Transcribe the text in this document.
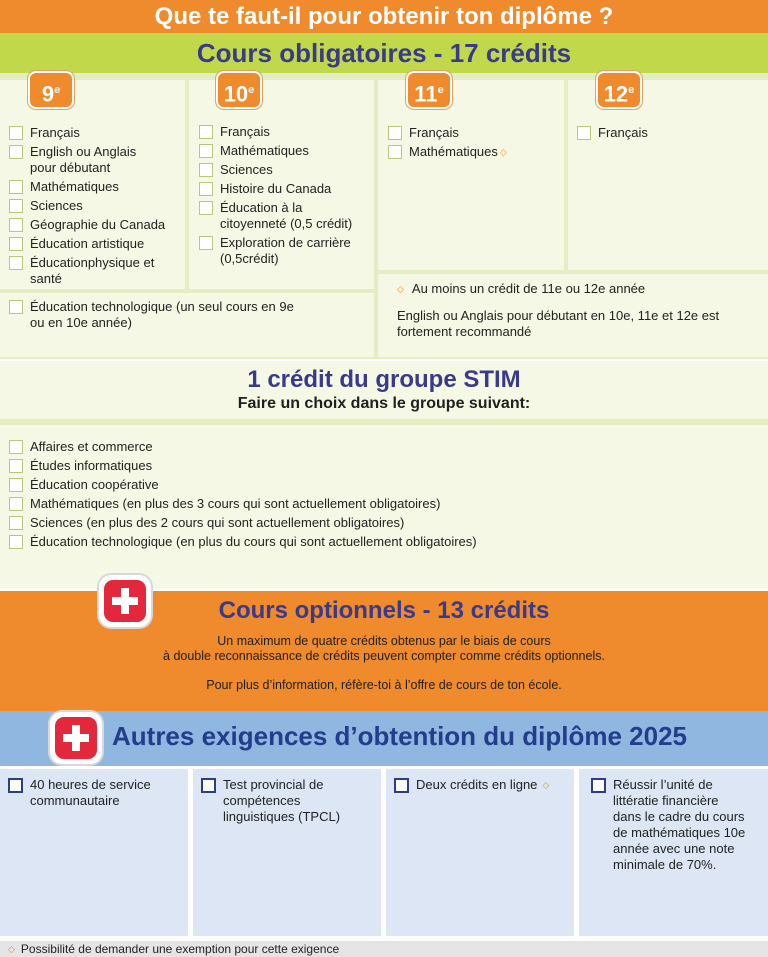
Que te faut-il pour obtenir ton diplôme ?
Cours obligatoires - 17 crédits
9e	10e	11e	12e
Français
English ou Anglais pour débutant
Mathématiques
Sciences
Géographie du Canada
Éducation artistique
Éducationphysique et santé
Français
Mathématiques
Sciences
Histoire du Canada
Éducation à la citoyenneté (0,5 crédit)
Exploration de carrière (0,5crédit)
Français
Mathématiques ◇
Français
Éducation technologique (un seul cours en 9e ou en 10e année)
◇ Au moins un crédit de 11e ou 12e année
English ou Anglais pour débutant en 10e, 11e et 12e est fortement recommandé
1 crédit du groupe STIM
Faire un choix dans le groupe suivant:
Affaires et commerce
Études informatiques
Éducation coopérative
Mathématiques (en plus des 3 cours qui sont actuellement obligatoires)
Sciences (en plus des 2 cours qui sont actuellement obligatoires)
Éducation technologique (en plus du cours qui sont actuellement obligatoires)
Cours optionnels - 13 crédits
Un maximum de quatre crédits obtenus par le biais de cours
à double reconnaissance de crédits peuvent compter comme crédits optionnels.
Pour plus d’information, réfère-toi à l’offre de cours de ton école.
Autres exigences d’obtention du diplôme 2025
40 heures de service communautaire
Test provincial de compétences linguistiques (TPCL)
Deux crédits en ligne ◇	Réussir l’unité de littératie financière dans le cadre du cours de mathématiques 10e année avec une note minimale de 70%.
◇ Possibilité de demander une exemption pour cette exigence
